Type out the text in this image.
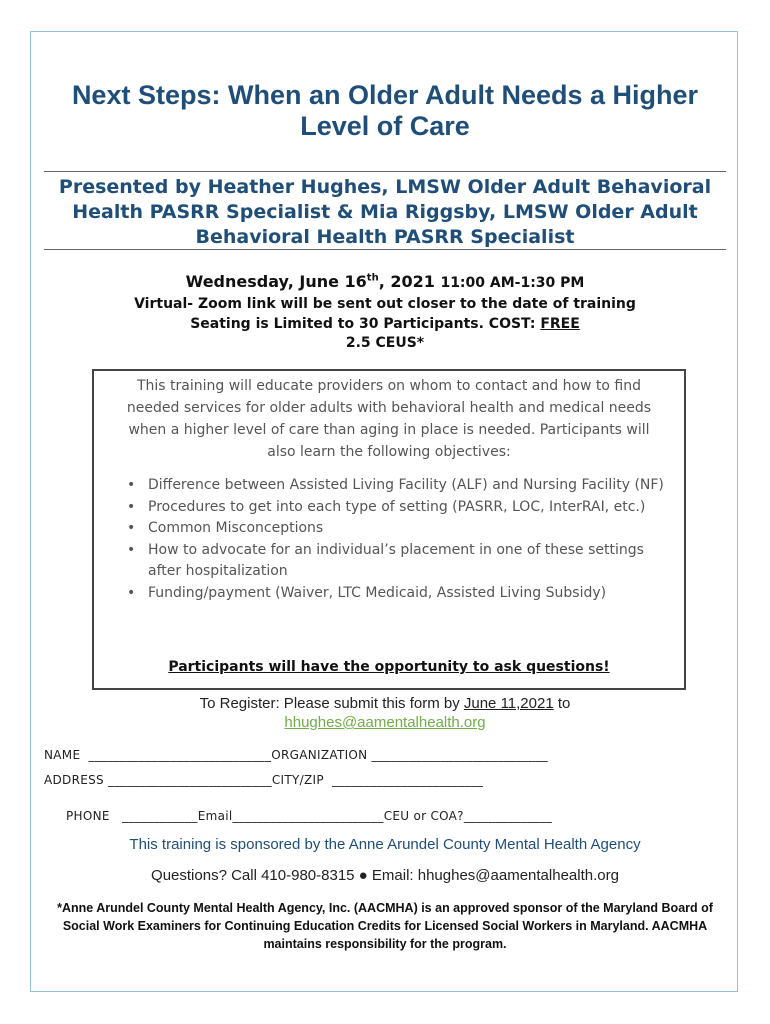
Next Steps: When an Older Adult Needs a Higher Level of Care

Presented by Heather Hughes, LMSW Older Adult Behavioral Health PASRR Specialist & Mia Riggsby, LMSW Older Adult Behavioral Health PASRR Specialist

Wednesday, June 16th, 2021 11:00 AM-1:30 PM
Virtual- Zoom link will be sent out closer to the date of training
Seating is Limited to 30 Participants. COST: FREE
2.5 CEUS*

This training will educate providers on whom to contact and how to find needed services for older adults with behavioral health and medical needs when a higher level of care than aging in place is needed. Participants will also learn the following objectives:

• Difference between Assisted Living Facility (ALF) and Nursing Facility (NF)
• Procedures to get into each type of setting (PASRR, LOC, InterRAI, etc.)
• Common Misconceptions
• How to advocate for an individual’s placement in one of these settings after hospitalization
• Funding/payment (Waiver, LTC Medicaid, Assisted Living Subsidy)
Participants will have the opportunity to ask questions!

To Register: Please submit this form by June 11,2021 to
hhughes@aamentalhealth.org

NAME  _____________________________ORGANIZATION ____________________________
ADDRESS __________________________CITY/ZIP  ________________________
PHONE   ____________Email________________________CEU or COA?______________
This training is sponsored by the Anne Arundel County Mental Health Agency
Questions? Call 410-980-8315 ● Email: hhughes@aamentalhealth.org

*Anne Arundel County Mental Health Agency, Inc. (AACMHA) is an approved sponsor of the Maryland Board of Social Work Examiners for Continuing Education Credits for Licensed Social Workers in Maryland. AACMHA maintains responsibility for the program.
